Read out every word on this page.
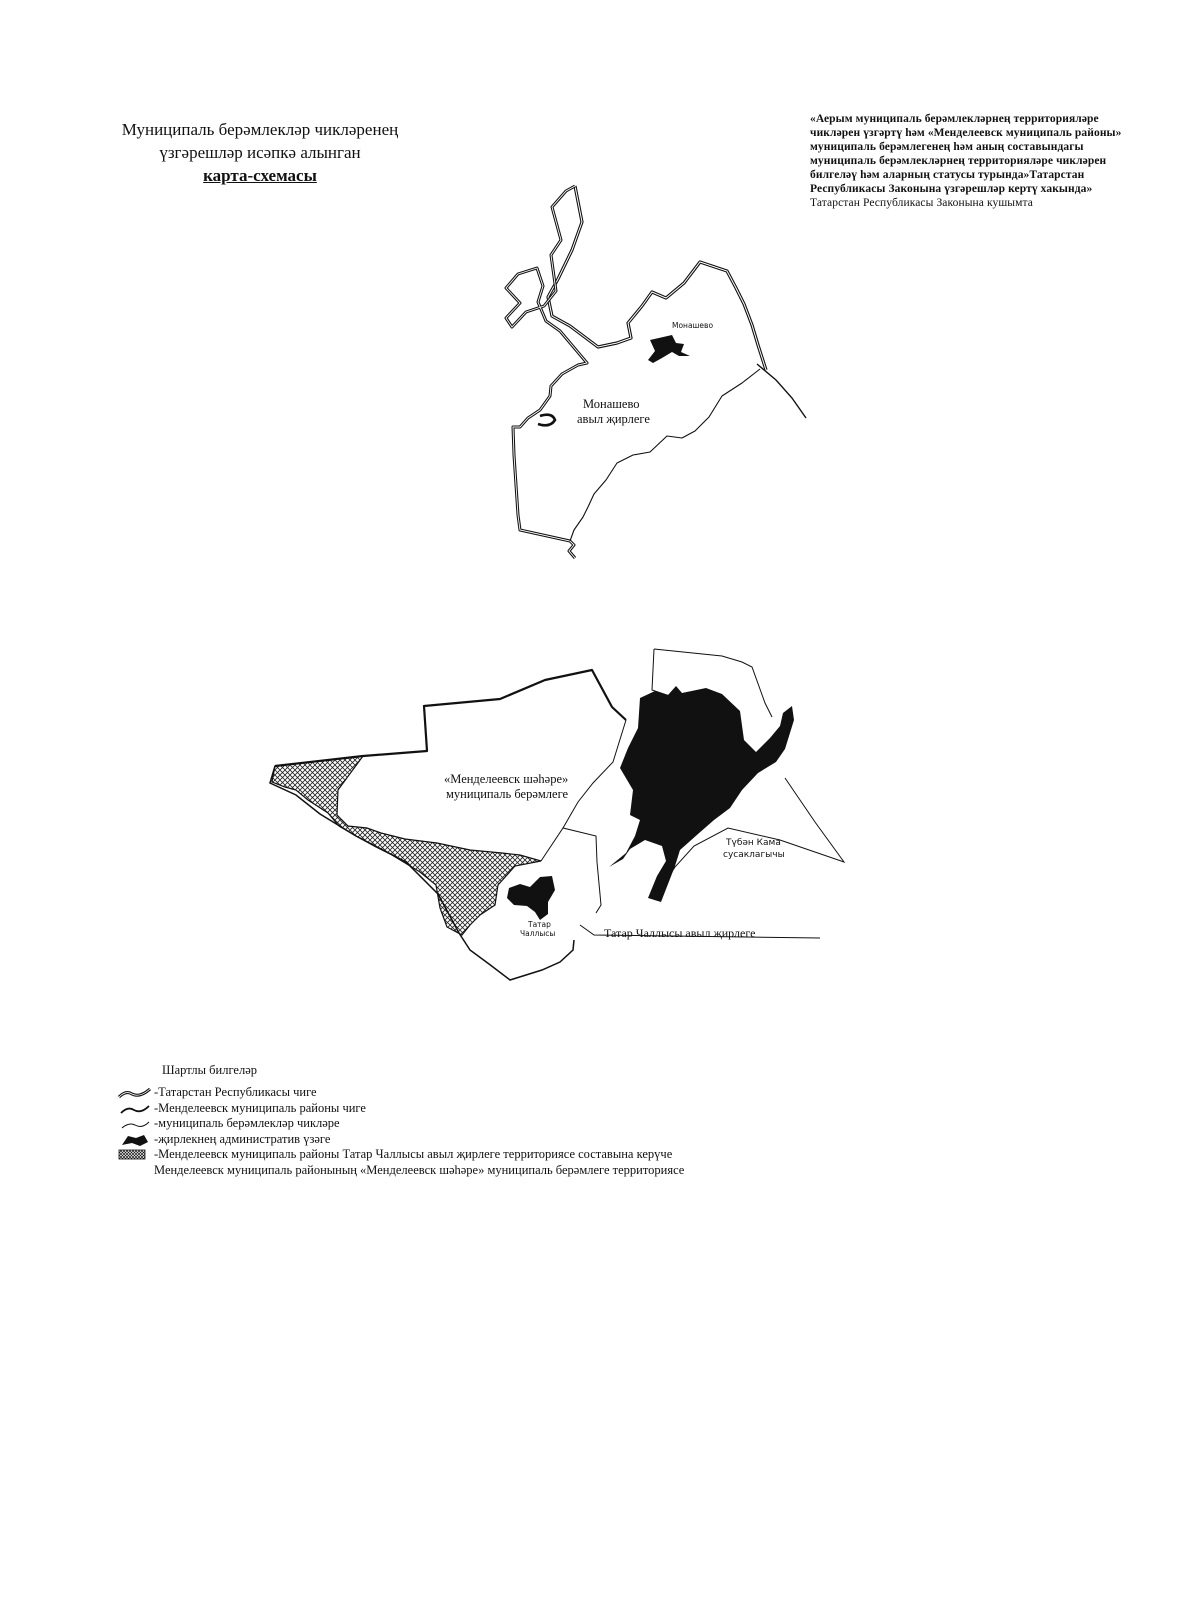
Муниципаль берәмлекләр чикләренең
үзгәрешләр исәпкә алынган
карта-схемасы
«Аерым муниципаль берәмлекләрнең территорияләре чикләрен үзгәртү һәм «Менделеевск муниципаль районы» муниципаль берәмлегенең һәм аның составындагы муниципаль берәмлекләрнең территорияләре чикләрен билгеләү һәм аларның статусы турында»Татарстан Республикасы Законына үзгәрешләр кертү хакында»
Татарстан Республикасы Законына кушымта
Монашево
Монашево
авыл җирлеге
«Менделеевск шәһәре»
муниципаль берәмлеге
Түбән Кама
сусаклагычы
Татар
Чаллысы	Татар Чаллысы авыл җирлеге
Шартлы билгеләр
-Татарстан Республикасы чиге
-Менделеевск муниципаль районы чиге
-муниципаль берәмлекләр чикләре
-җирлекнең административ үзәге
-Менделеевск муниципаль районы Татар Чаллысы авыл җирлеге территориясе составына керүче
Менделеевск муниципаль районының «Менделеевск шәһәре» муниципаль берәмлеге территориясе
